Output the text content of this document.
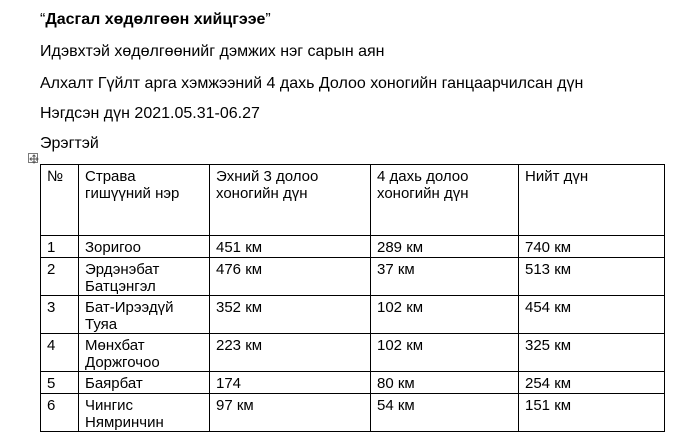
“Дасгал хөдөлгөөн хийцгээе”
Идэвхтэй хөдөлгөөнийг дэмжих нэг сарын аян
Алхалт Гүйлт арга хэмжээний 4 дахь Долоо хоногийн ганцаарчилсан дүн
Нэгдсэн дүн 2021.05.31-06.27
Эрэгтэй
№	Страва гишүүний нэр	Эхний 3 долоо хоногийн дүн	4 дахь долоо хоногийн дүн	Нийт дүн
1	Зоригоо	451 км	289 км	740 км
2	Эрдэнэбат Батцэнгэл	476 км	37 км	513 км
3	Бат-Ирээдүй Туяа	352 км	102 км	454 км
4	Мөнхбат Доржгочоо	223 км	102 км	325 км
5	Баярбат	174	80 км	254 км
6	Чингис Нямринчин	97 км	54 км	151 км
